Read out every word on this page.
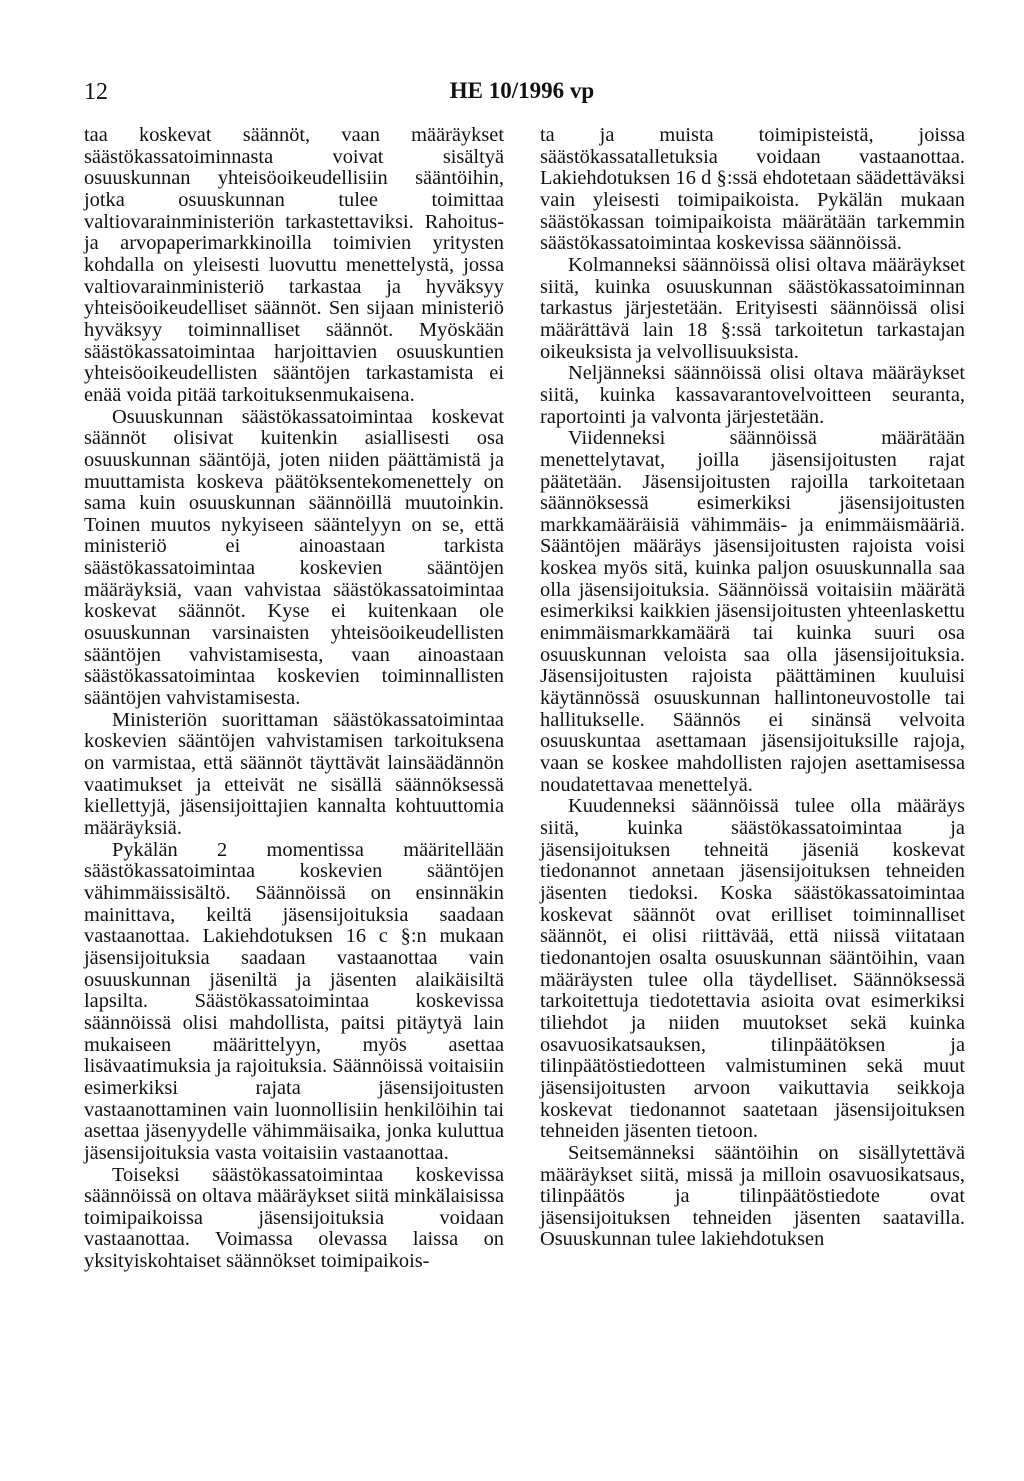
12	HE 10/1996 vp

taa koskevat säännöt, vaan määräykset säästökassatoiminnasta voivat sisältyä osuuskunnan yhteisöoikeudellisiin sääntöihin, jotka osuuskunnan tulee toimittaa valtiovarainministeriön tarkastettaviksi. Rahoitus- ja arvopaperimarkkinoilla toimivien yritysten kohdalla on yleisesti luovuttu menettelystä, jossa valtiovarainministeriö tarkastaa ja hyväksyy yhteisöoikeudelliset säännöt. Sen sijaan ministeriö hyväksyy toiminnalliset säännöt. Myöskään säästökassatoimintaa harjoittavien osuuskuntien yhteisöoikeudellisten sääntöjen tarkastamista ei enää voida pitää tarkoituksenmukaisena.

Osuuskunnan säästökassatoimintaa koskevat säännöt olisivat kuitenkin asiallisesti osa osuuskunnan sääntöjä, joten niiden päättämistä ja muuttamista koskeva päätöksentekomenettely on sama kuin osuuskunnan säännöillä muutoinkin. Toinen muutos nykyiseen sääntelyyn on se, että ministeriö ei ainoastaan tarkista säästökassatoimintaa koskevien sääntöjen määräyksiä, vaan vahvistaa säästökassatoimintaa koskevat säännöt. Kyse ei kuitenkaan ole osuuskunnan varsinaisten yhteisöoikeudellisten sääntöjen vahvistamisesta, vaan ainoastaan säästökassatoimintaa koskevien toiminnallisten sääntöjen vahvistamisesta.

Ministeriön suorittaman säästökassatoimintaa koskevien sääntöjen vahvistamisen tarkoituksena on varmistaa, että säännöt täyttävät lainsäädännön vaatimukset ja etteivät ne sisällä säännöksessä kiellettyjä, jäsensijoittajien kannalta kohtuuttomia määräyksiä.

Pykälän 2 momentissa määritellään säästökassatoimintaa koskevien sääntöjen vähimmäissisältö. Säännöissä on ensinnäkin mainittava, keiltä jäsensijoituksia saadaan vastaanottaa. Lakiehdotuksen 16 c §:n mukaan jäsensijoituksia saadaan vastaanottaa vain osuuskunnan jäseniltä ja jäsenten alaikäisiltä lapsilta. Säästökassatoimintaa koskevissa säännöissä olisi mahdollista, paitsi pitäytyä lain mukaiseen määrittelyyn, myös asettaa lisävaatimuksia ja rajoituksia. Säännöissä voitaisiin esimerkiksi rajata jäsensijoitusten vastaanottaminen vain luonnollisiin henkilöihin tai asettaa jäsenyydelle vähimmäisaika, jonka kuluttua jäsensijoituksia vasta voitaisiin vastaanottaa.

Toiseksi säästökassatoimintaa koskevissa säännöissä on oltava määräykset siitä minkälaisissa toimipaikoissa jäsensijoituksia voidaan vastaanottaa. Voimassa olevassa laissa on yksityiskohtaiset säännökset toimipaikois-

ta ja muista toimipisteistä, joissa säästökassatalletuksia voidaan vastaanottaa. Lakiehdotuksen 16 d §:ssä ehdotetaan säädettäväksi vain yleisesti toimipaikoista. Pykälän mukaan säästökassan toimipaikoista määrätään tarkemmin säästökassatoimintaa koskevissa säännöissä.

Kolmanneksi säännöissä olisi oltava määräykset siitä, kuinka osuuskunnan säästökassatoiminnan tarkastus järjestetään. Erityisesti säännöissä olisi määrättävä lain 18 §:ssä tarkoitetun tarkastajan oikeuksista ja velvollisuuksista.

Neljänneksi säännöissä olisi oltava määräykset siitä, kuinka kassavarantovelvoitteen seuranta, raportointi ja valvonta järjestetään.

Viidenneksi säännöissä määrätään menettelytavat, joilla jäsensijoitusten rajat päätetään. Jäsensijoitusten rajoilla tarkoitetaan säännöksessä esimerkiksi jäsensijoitusten markkamääräisiä vähimmäis- ja enimmäismääriä. Sääntöjen määräys jäsensijoitusten rajoista voisi koskea myös sitä, kuinka paljon osuuskunnalla saa olla jäsensijoituksia. Säännöissä voitaisiin määrätä esimerkiksi kaikkien jäsensijoitusten yhteenlaskettu enimmäismarkkamäärä tai kuinka suuri osa osuuskunnan veloista saa olla jäsensijoituksia. Jäsensijoitusten rajoista päättäminen kuuluisi käytännössä osuuskunnan hallintoneuvostolle tai hallitukselle. Säännös ei sinänsä velvoita osuuskuntaa asettamaan jäsensijoituksille rajoja, vaan se koskee mahdollisten rajojen asettamisessa noudatettavaa menettelyä.

Kuudenneksi säännöissä tulee olla määräys siitä, kuinka säästökassatoimintaa ja jäsensijoituksen tehneitä jäseniä koskevat tiedonannot annetaan jäsensijoituksen tehneiden jäsenten tiedoksi. Koska säästökassatoimintaa koskevat säännöt ovat erilliset toiminnalliset säännöt, ei olisi riittävää, että niissä viitataan tiedonantojen osalta osuuskunnan sääntöihin, vaan määräysten tulee olla täydelliset. Säännöksessä tarkoitettuja tiedotettavia asioita ovat esimerkiksi tiliehdot ja niiden muutokset sekä kuinka osavuosikatsauksen, tilinpäätöksen ja tilinpäätöstiedotteen valmistuminen sekä muut jäsensijoitusten arvoon vaikuttavia seikkoja koskevat tiedonannot saatetaan jäsensijoituksen tehneiden jäsenten tietoon.

Seitsemänneksi sääntöihin on sisällytettävä määräykset siitä, missä ja milloin osavuosikatsaus, tilinpäätös ja tilinpäätöstiedote ovat jäsensijoituksen tehneiden jäsenten saatavilla. Osuuskunnan tulee lakiehdotuksen
